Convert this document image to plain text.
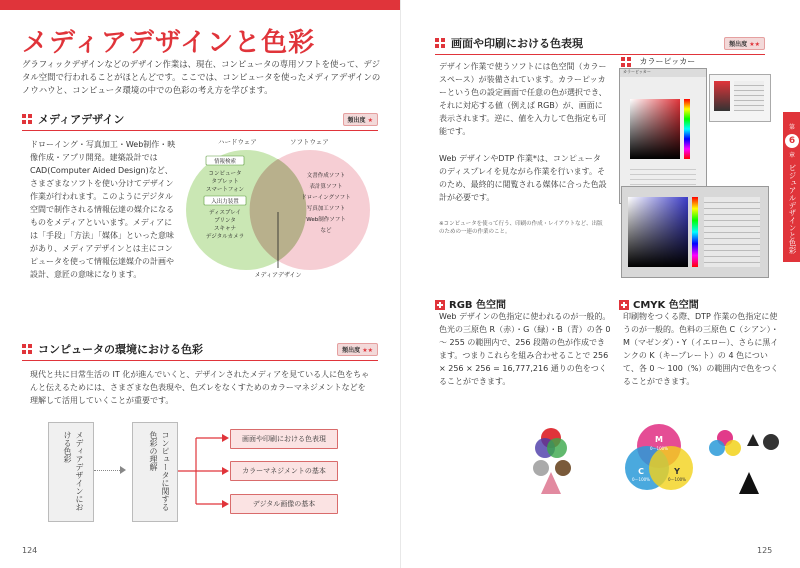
メディアデザインと色彩
グラフィックデザインなどのデザイン作業は、現在、コンピュータの専用ソフトを使って、デジタル空間で行われることがほとんどです。ここでは、コンピュータを使ったメディアデザインのノウハウと、コンピュータ環境の中での色彩の考え方を学びます。
メディアデザイン	頻出度 ★
ドローイング・写真加工・Web制作・映像作成・アプリ開発。建築設計ではCAD(Computer Aided Design)など、さまざまなソフトを使い分けてデザイン作業が行われます。このようにデジタル空間で制作される情報伝達の媒介になるものをメディアといいます。メディアには「手段」「方法」「媒体」といった意味があり、メディアデザインとは主にコンピュータを使って情報伝達媒介の計画や設計、意匠の意味になります。
ハードウェア	ソフトウェア
情報検索
コンピュータ
タブレット
スマートフォン
入出力装置
ディスプレイ
プリンタ
スキャナ
デジタルカメラ
文書作成ソフト
表計算ソフト
ドローイングソフト
写真加工ソフト
Web制作ソフト
など
メディアデザイン
コンピュータの環境における色彩	頻出度 ★★
現代と共に日常生活の IT 化が進んでいくと、デザインされたメディアを見ている人に色をちゃんと伝えるためには、さまざまな色表現や、色ズレをなくすためのカラーマネジメントなどを理解して活用していくことが重要です。
メディアデザインにおける色彩	コンピュータに関する色彩の理解	画面や印刷における色表現
カラーマネジメントの基本
デジタル画像の基本
124
画面や印刷における色表現	頻出度 ★★
デザイン作業で使うソフトには色空間（カラースペース）が装備されています。カラーピッカーという色の設定画面で任意の色が選択でき、それに対応する値（例えば RGB）が、画面に表示されます。逆に、値を入力して色指定も可能です。
Web デザインやDTP 作業*は、コンピュータのディスプレイを見ながら作業を行います。そのため、最終的に閲覧される媒体に合った色設計が必要です。
※コンピュータを使って行う、印刷の作成・レイアウトなど、出版のための一連の作業のこと。
カラーピッカー
カラーピッカー
第
6
章
ビジュアルデザインと色彩
RGB 色空間
Web デザインの色指定に使われるのが一般的。色光の三原色 R（赤）・G（緑）・B（青）の各 0 ～ 255 の範囲内で、256 段階の色が作成できます。つまりこれらを組み合わせることで 256 × 256 × 256 = 16,777,216 通りの色をつくることができます。
CMYK 色空間
印刷物をつくる際、DTP 作業の色指定に使うのが一般的。色料の三原色 C（シアン）・M（マゼンダ）・Y（イエロー）、さらに黒インクの K（キープレート）の 4 色について、各 0 ～ 100（%）の範囲内で色をつくることができます。
R
0〜255
G
0〜255
B
0〜255
M
0〜100%
C
0〜100%
Y
0〜100%
125
